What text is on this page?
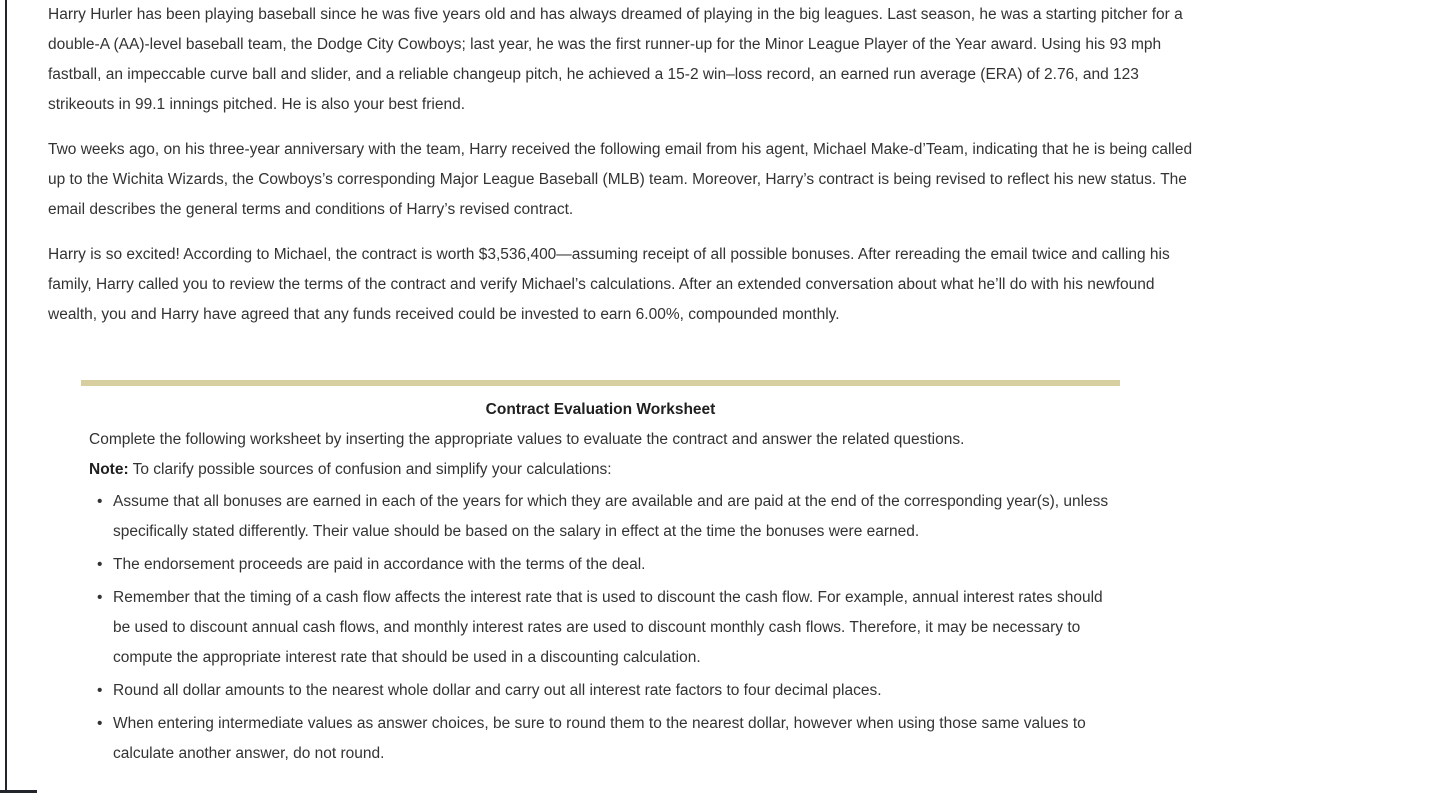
Harry Hurler has been playing baseball since he was five years old and has always dreamed of playing in the big leagues. Last season, he was a starting pitcher for a double-A (AA)-level baseball team, the Dodge City Cowboys; last year, he was the first runner-up for the Minor League Player of the Year award. Using his 93 mph fastball, an impeccable curve ball and slider, and a reliable changeup pitch, he achieved a 15-2 win–loss record, an earned run average (ERA) of 2.76, and 123 strikeouts in 99.1 innings pitched. He is also your best friend.

Two weeks ago, on his three-year anniversary with the team, Harry received the following email from his agent, Michael Make-d’Team, indicating that he is being called up to the Wichita Wizards, the Cowboys’s corresponding Major League Baseball (MLB) team. Moreover, Harry’s contract is being revised to reflect his new status. The email describes the general terms and conditions of Harry’s revised contract.

Harry is so excited! According to Michael, the contract is worth $3,536,400—assuming receipt of all possible bonuses. After rereading the email twice and calling his family, Harry called you to review the terms of the contract and verify Michael’s calculations. After an extended conversation about what he’ll do with his newfound wealth, you and Harry have agreed that any funds received could be invested to earn 6.00%, compounded monthly.

Contract Evaluation Worksheet

Complete the following worksheet by inserting the appropriate values to evaluate the contract and answer the related questions.

Note: To clarify possible sources of confusion and simplify your calculations:

• Assume that all bonuses are earned in each of the years for which they are available and are paid at the end of the corresponding year(s), unless specifically stated differently. Their value should be based on the salary in effect at the time the bonuses were earned.
• The endorsement proceeds are paid in accordance with the terms of the deal.
• Remember that the timing of a cash flow affects the interest rate that is used to discount the cash flow. For example, annual interest rates should be used to discount annual cash flows, and monthly interest rates are used to discount monthly cash flows. Therefore, it may be necessary to compute the appropriate interest rate that should be used in a discounting calculation.
• Round all dollar amounts to the nearest whole dollar and carry out all interest rate factors to four decimal places.
• When entering intermediate values as answer choices, be sure to round them to the nearest dollar, however when using those same values to calculate another answer, do not round.
